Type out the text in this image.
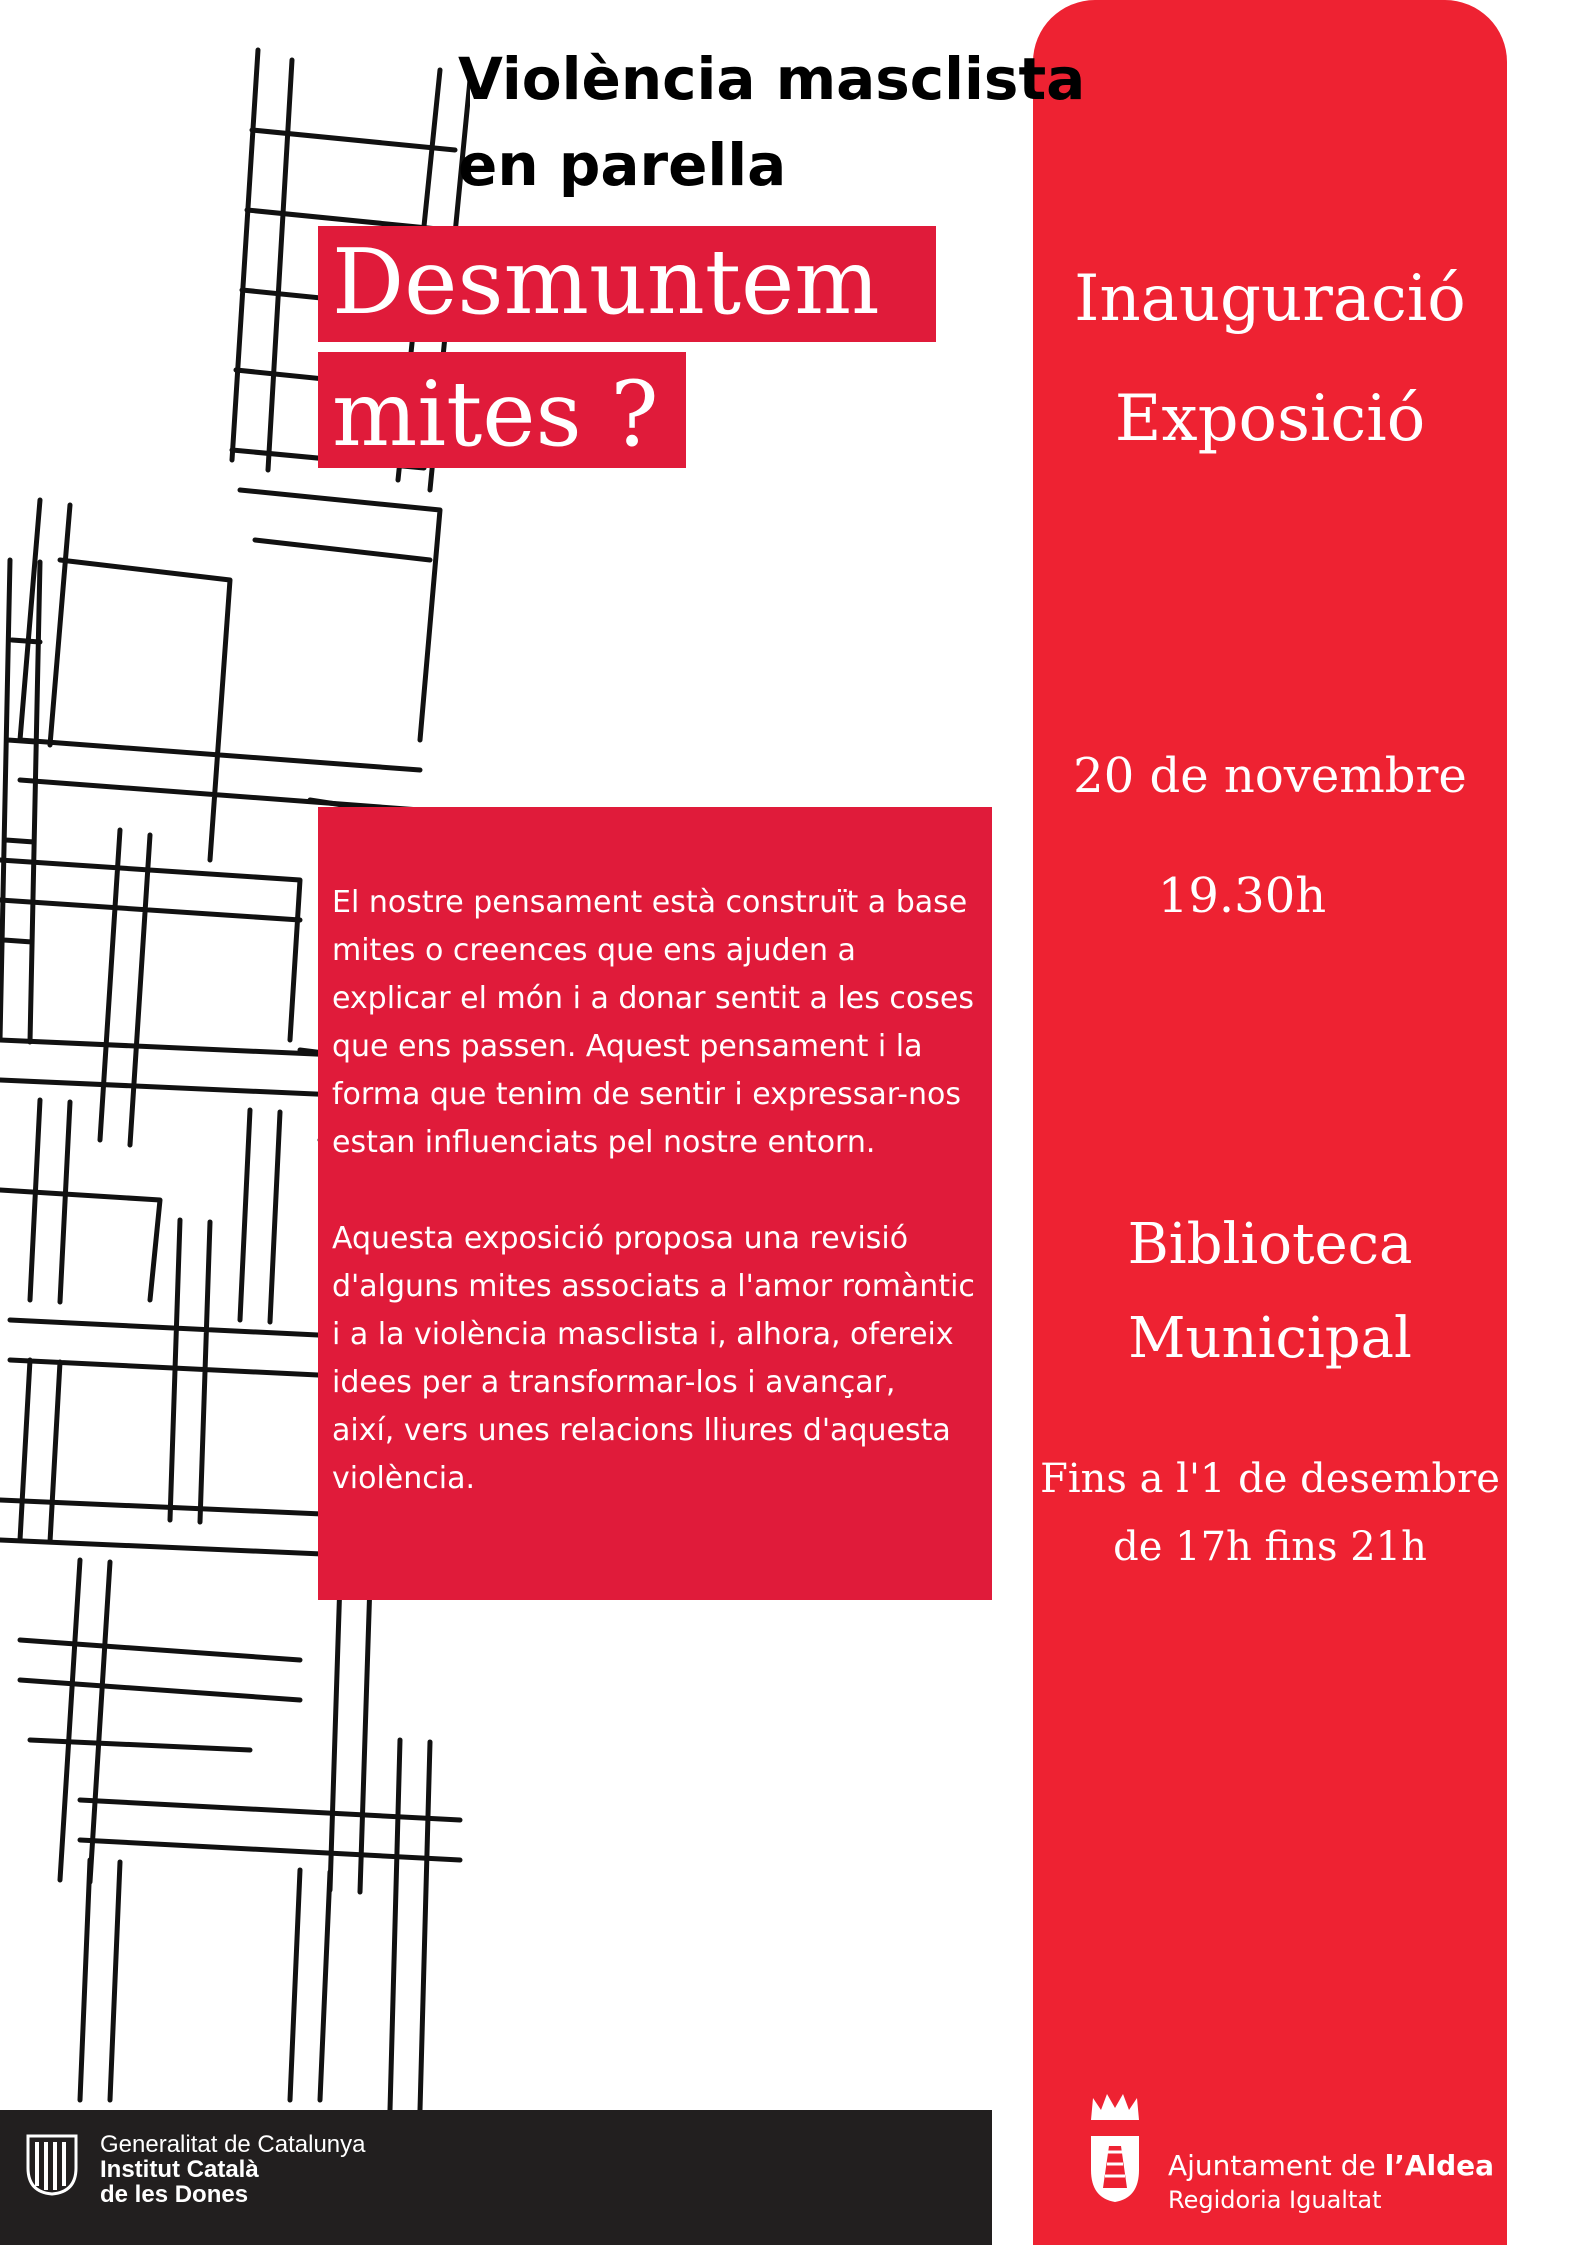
Violència masclista
en parella
Desmuntem
mites ?

El nostre pensament està construït a base
mites o creences que ens ajuden a
explicar el món i a donar sentit a les coses
que ens passen. Aquest pensament i la
forma que tenim de sentir i expressar-nos
estan influenciats pel nostre entorn.

Aquesta exposició proposa una revisió
d'alguns mites associats a l'amor romàntic
i a la violència masclista i, alhora, ofereix
idees per a transformar-los i avançar,
així, vers unes relacions lliures d'aquesta
violència.

Inauguració
Exposició
20 de novembre
19.30h
Biblioteca
Municipal
Fins a l'1 de desembre
de 17h fins 21h
Generalitat de Catalunya
Institut Català
de les Dones
Ajuntament de l’Aldea
Regidoria Igualtat
